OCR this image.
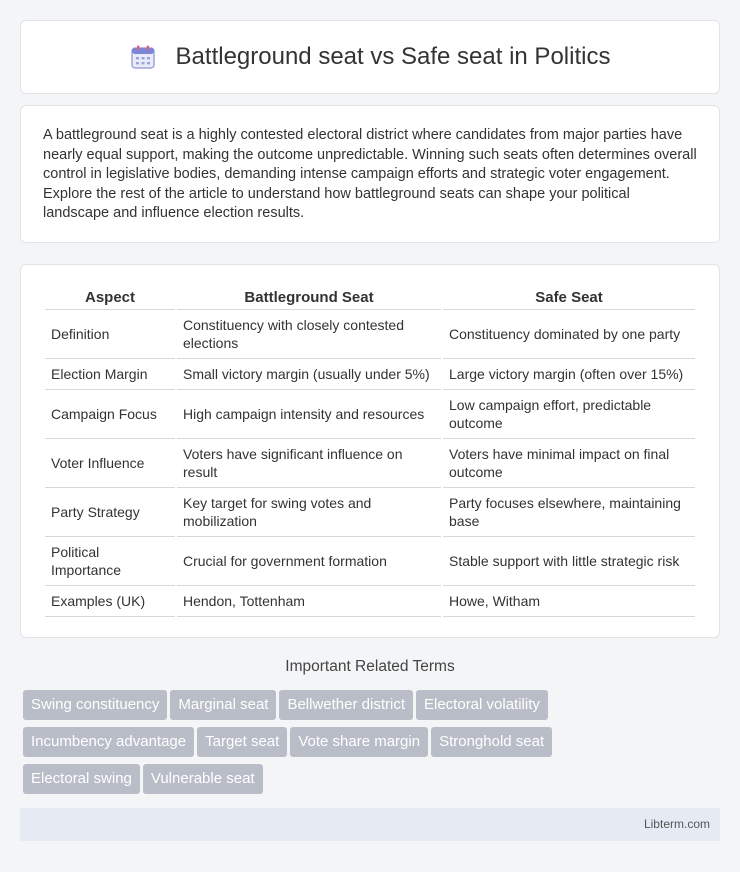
Battleground seat vs Safe seat in Politics
A battleground seat is a highly contested electoral district where candidates from major parties have nearly equal support, making the outcome unpredictable. Winning such seats often determines overall control in legislative bodies, demanding intense campaign efforts and strategic voter engagement. Explore the rest of the article to understand how battleground seats can shape your political landscape and influence election results.
Aspect	Battleground Seat	Safe Seat
Definition	Constituency with closely contested elections	Constituency dominated by one party
Election Margin	Small victory margin (usually under 5%)	Large victory margin (often over 15%)
Campaign Focus	High campaign intensity and resources	Low campaign effort, predictable outcome
Voter Influence	Voters have significant influence on result	Voters have minimal impact on final outcome
Party Strategy	Key target for swing votes and mobilization	Party focuses elsewhere, maintaining base
Political Importance	Crucial for government formation	Stable support with little strategic risk
Examples (UK)	Hendon, Tottenham	Howe, Witham
Important Related Terms
Swing constituency Marginal seat Bellwether district Electoral volatility
Incumbency advantage Target seat Vote share margin Stronghold seat
Electoral swing Vulnerable seat
Libterm.com
